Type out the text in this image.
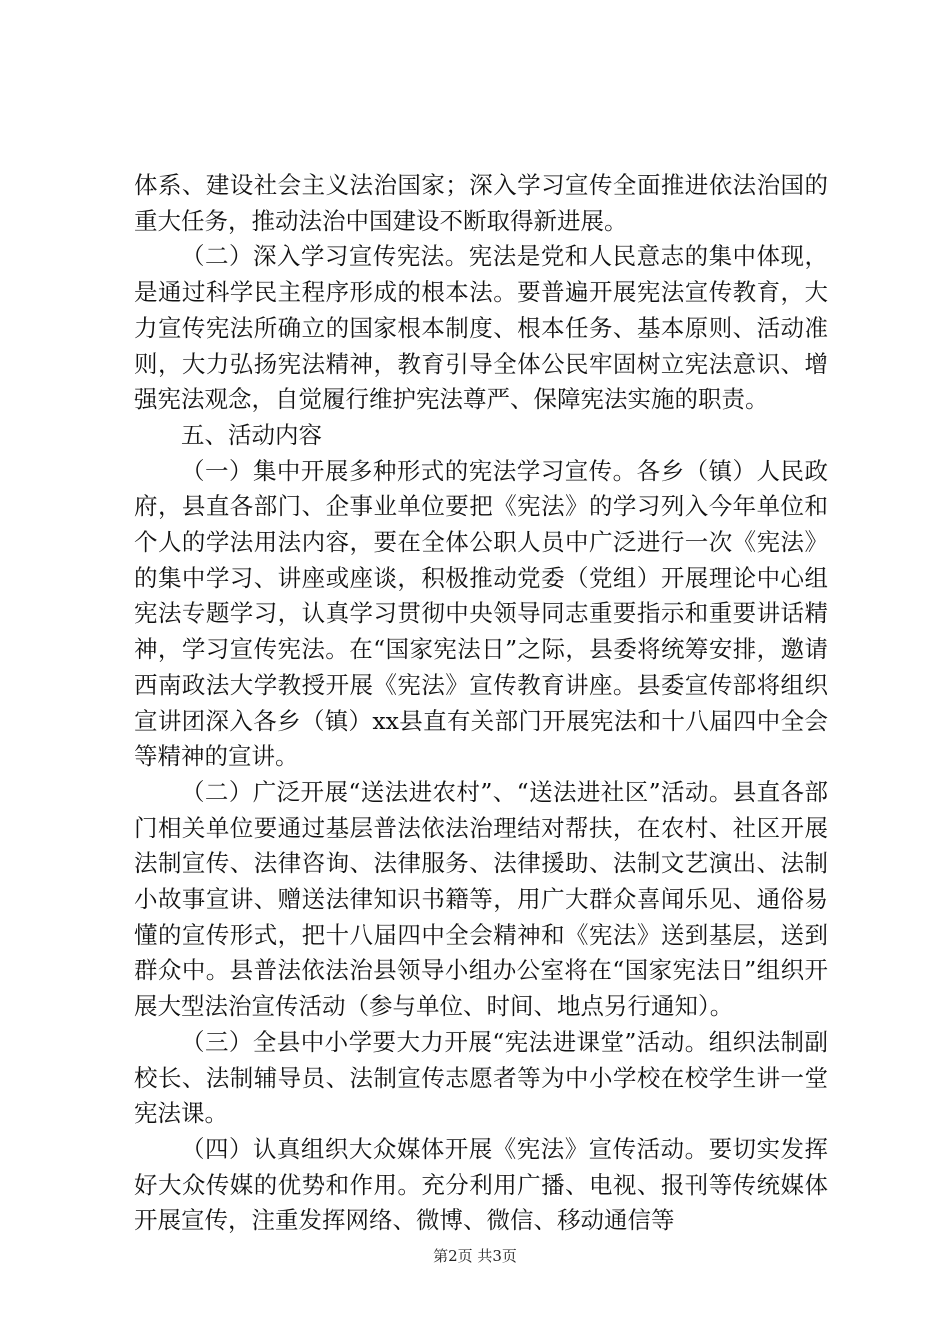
体系、建设社会主义法治国家；深入学习宣传全面推进依法治国的重大任务，推动法治中国建设不断取得新进展。

（二）深入学习宣传宪法。宪法是党和人民意志的集中体现，是通过科学民主程序形成的根本法。要普遍开展宪法宣传教育，大力宣传宪法所确立的国家根本制度、根本任务、基本原则、活动准则，大力弘扬宪法精神，教育引导全体公民牢固树立宪法意识、增强宪法观念，自觉履行维护宪法尊严、保障宪法实施的职责。

五、活动内容

（一）集中开展多种形式的宪法学习宣传。各乡（镇）人民政府，县直各部门、企事业单位要把《宪法》的学习列入今年单位和个人的学法用法内容，要在全体公职人员中广泛进行一次《宪法》的集中学习、讲座或座谈，积极推动党委（党组）开展理论中心组宪法专题学习，认真学习贯彻中央领导同志重要指示和重要讲话精神，学习宣传宪法。在“国家宪法日”之际，县委将统筹安排，邀请西南政法大学教授开展《宪法》宣传教育讲座。县委宣传部将组织宣讲团深入各乡（镇）xx县直有关部门开展宪法和十八届四中全会等精神的宣讲。

（二）广泛开展“送法进农村”、“送法进社区”活动。县直各部门相关单位要通过基层普法依法治理结对帮扶，在农村、社区开展法制宣传、法律咨询、法律服务、法律援助、法制文艺演出、法制小故事宣讲、赠送法律知识书籍等，用广大群众喜闻乐见、通俗易懂的宣传形式，把十八届四中全会精神和《宪法》送到基层，送到群众中。县普法依法治县领导小组办公室将在“国家宪法日”组织开展大型法治宣传活动（参与单位、时间、地点另行通知）。

（三）全县中小学要大力开展“宪法进课堂”活动。组织法制副校长、法制辅导员、法制宣传志愿者等为中小学校在校学生讲一堂宪法课。

（四）认真组织大众媒体开展《宪法》宣传活动。要切实发挥好大众传媒的优势和作用。充分利用广播、电视、报刊等传统媒体开展宣传，注重发挥网络、微博、微信、移动通信等

第2页 共3页
